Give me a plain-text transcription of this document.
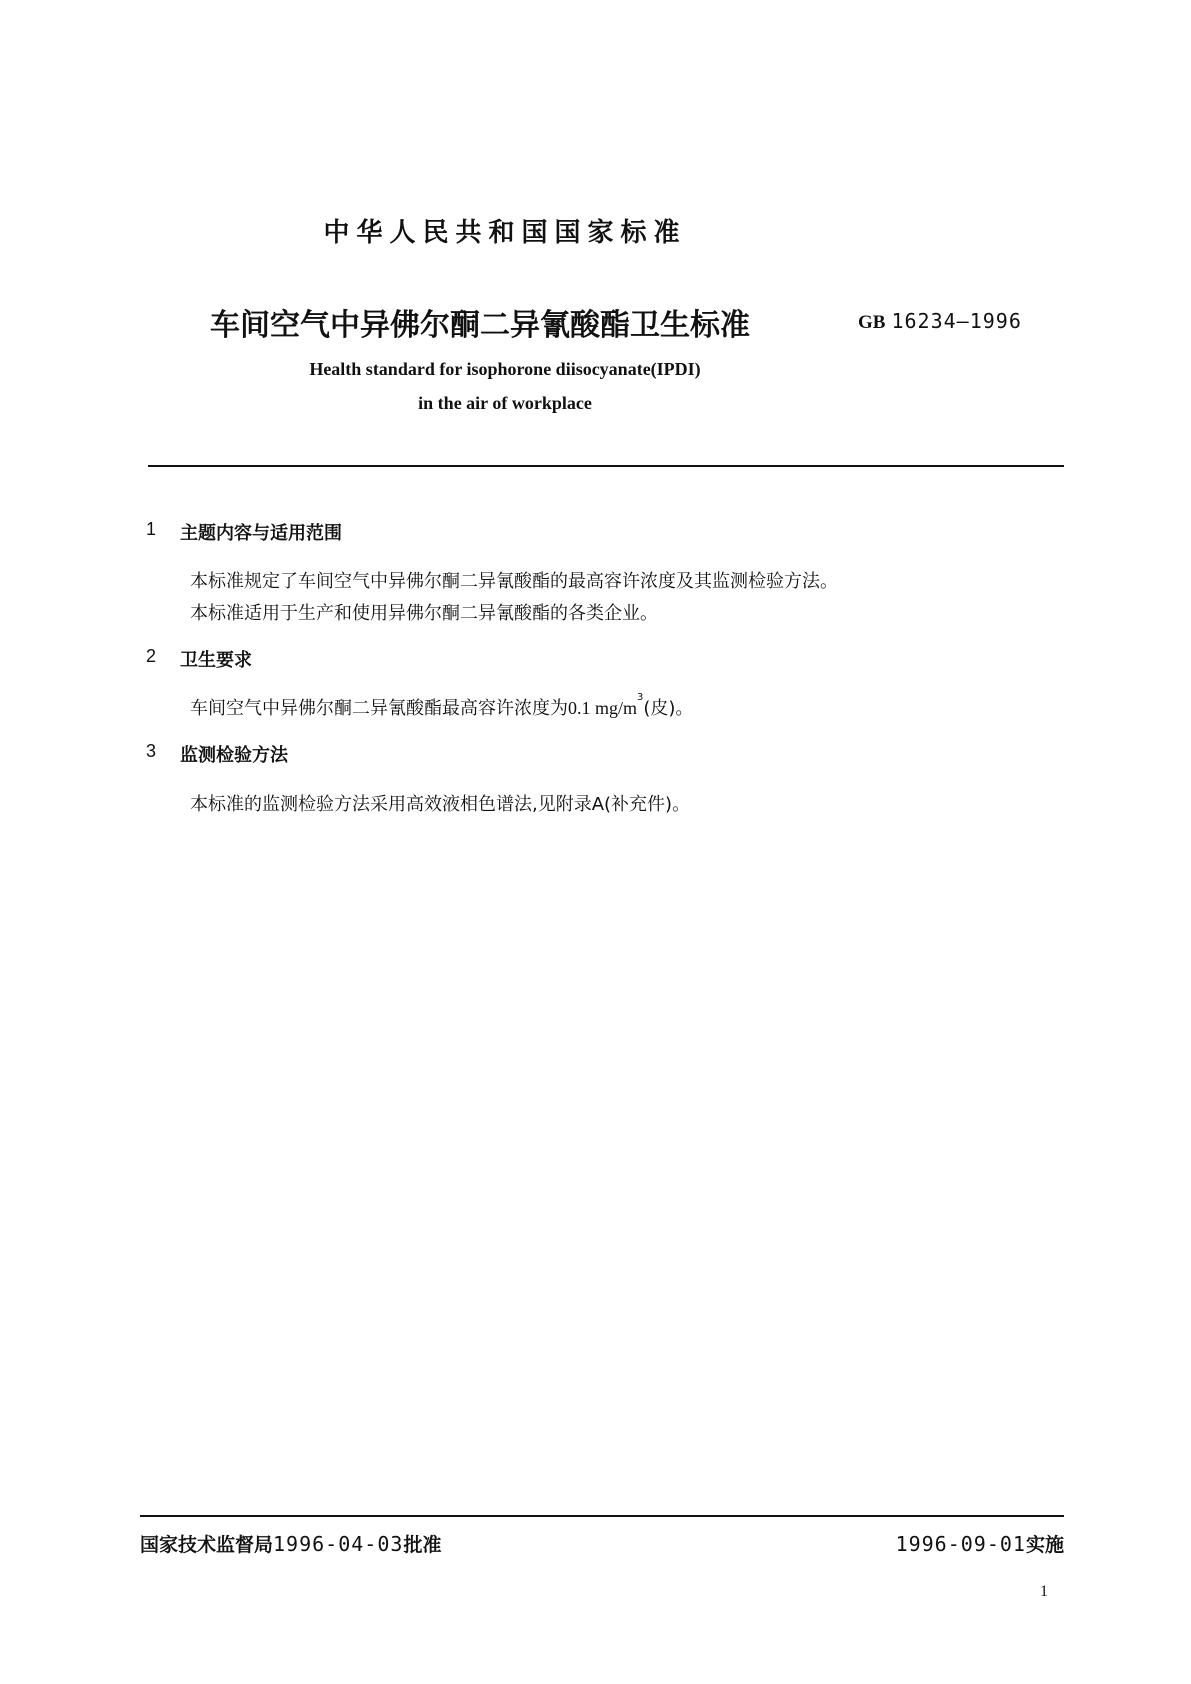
中华人民共和国国家标准
车间空气中异佛尔酮二异氰酸酯卫生标准	GB 16234—1996
Health standard for isophorone diisocyanate(IPDI)
in the air of workplace
1 主题内容与适用范围
本标准规定了车间空气中异佛尔酮二异氰酸酯的最高容许浓度及其监测检验方法。
本标准适用于生产和使用异佛尔酮二异氰酸酯的各类企业。
2 卫生要求
车间空气中异佛尔酮二异氰酸酯最高容许浓度为0.1 $mg/m^3$(皮)。
3 监测检验方法
本标准的监测检验方法采用高效液相色谱法,见附录A(补充件)。
国家技术监督局1996-04-03批准	1996-09-01实施
1
